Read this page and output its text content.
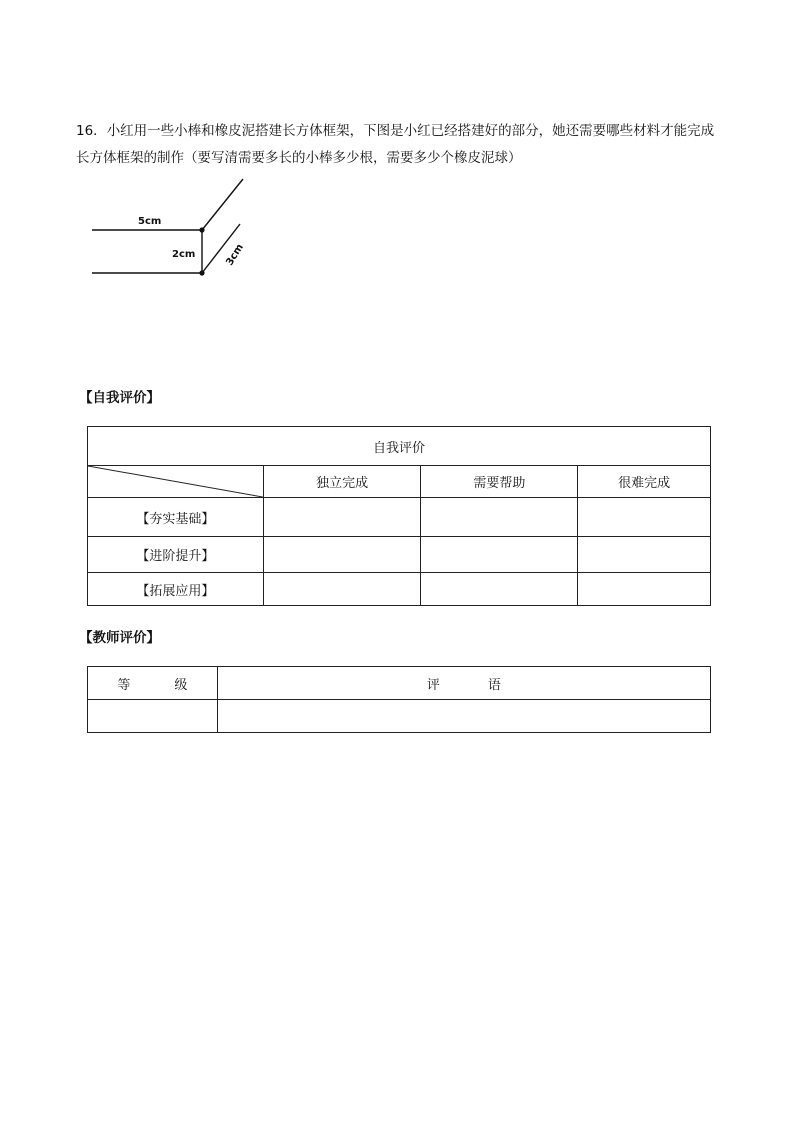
16．小红用一些小棒和橡皮泥搭建长方体框架，下图是小红已经搭建好的部分，她还需要哪些材料才能完成长方体框架的制作（要写清需要多长的小棒多少根，需要多少个橡皮泥球）
5cm
2cm	3cm
【自我评价】
自我评价			

	独立完成	需要帮助	很难完成
【夯实基础】			
【进阶提升】			
【拓展应用】			
【教师评价】
等 级	评 语
